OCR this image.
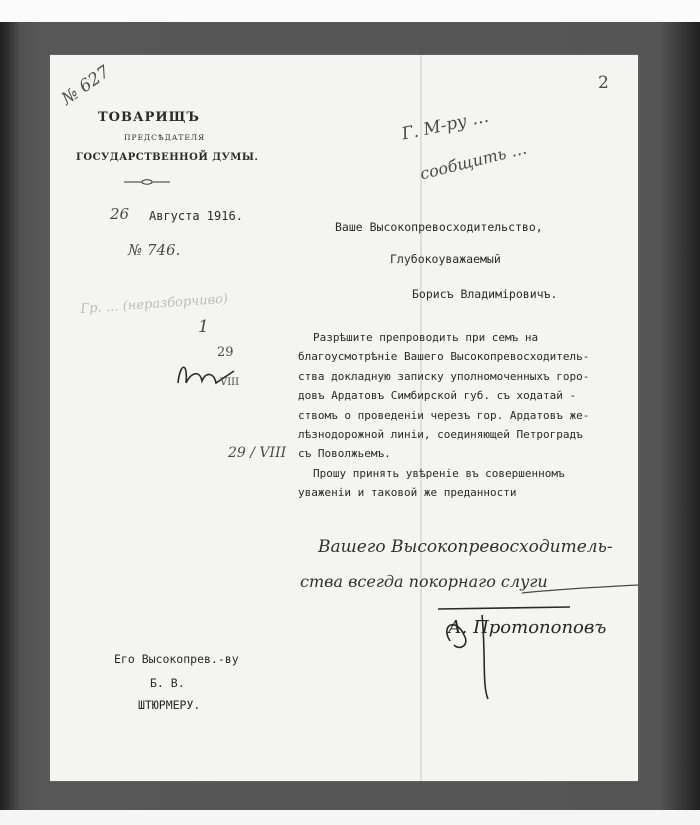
2
№ 627
ТОВАРИЩЪ
ПРЕДСѢДАТЕЛЯ
ГОСУДАРСТВЕННОЙ ДУМЫ.
26 Августа 1916.
№ 746.
Гр. … (неразборчиво)
1
29
VIII
29 / VIII
Г. М-ру …
сообщить …
Ваше Высокопревосходительство,
Глубокоуважаемый
Борисъ Владиміровичъ.
Разрѣшите препроводить при семъ на
благоусмотрѣніе Вашего Высокопревосходитель-
ства докладную записку уполномоченныхъ горо-
довъ Ардатовъ Симбирской губ. съ ходатай -
ствомъ о проведеніи черезъ гор. Ардатовъ же-
лѣзнодорожной линіи, соединяющей Петроградъ
съ Поволжьемъ.
Прошу принять увѣреніе въ совершенномъ
уваженіи и таковой же преданности
Вашего Высокопревосходитель-
ства всегда покорнаго слуги
А. Протопоповъ
Его Высокопрев.-ву
Б. В.
ШТЮРМЕРУ.
